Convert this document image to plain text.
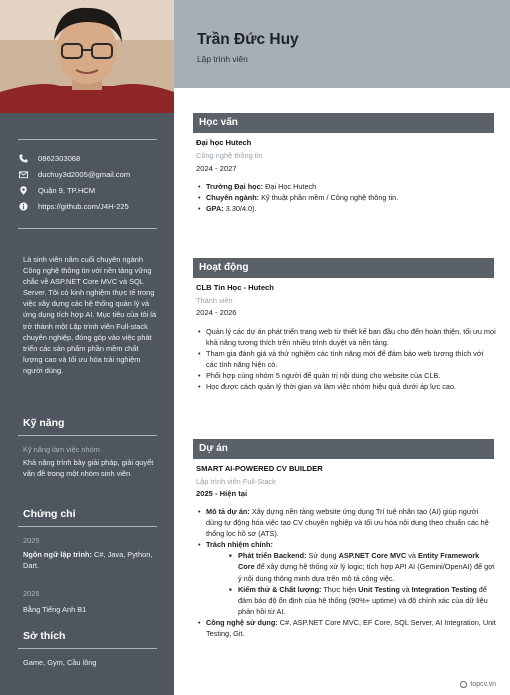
0862303068
duchuy3d2005@gmail.com
Quận 9, TP.HCM
https://github.com/J4H-225
Là sinh viên năm cuối chuyên ngành Công nghệ thông tin với nền tảng vững chắc về ASP.NET Core MVC và SQL Server. Tôi có kinh nghiệm thực tế trong việc xây dựng các hệ thống quản lý và ứng dụng tích hợp AI. Mục tiêu của tôi là trở thành một Lập trình viên Full-stack chuyên nghiệp, đóng góp vào việc phát triển các sản phẩm phần mềm chất lượng cao và tối ưu hóa trải nghiệm người dùng.
Kỹ năng
Kỹ năng làm việc nhóm
Khả năng trình bày giải pháp, giải quyết vấn đề trong một nhóm sinh viên
Chứng chỉ
2025
Ngôn ngữ lập trình: C#, Java, Python, Dart.
2026
Bằng Tiếng Anh B1
Sở thích
Game, Gym, Cầu lông
Trần Đức Huy
Lập trình viên
Học vấn
Đại học Hutech
Công nghệ thông tin
2024 - 2027
• Trường Đại học: Đại Học Hutech
• Chuyên ngành: Kỹ thuật phần mềm / Công nghệ thông tin.
• GPA: 3.30/4.0).
Hoạt động
CLB Tin Học - Hutech
Thành viên
2024 - 2026
• Quản lý các dự án phát triển trang web từ thiết kế ban đầu cho đến hoàn thiện, tối ưu mọi khả năng tương thích trên nhiều trình duyệt và nền tảng.
• Tham gia đánh giá và thử nghiệm các tính năng mới để đảm bảo web tương thích với các tính năng hiện có.
• Phối hợp cùng nhóm 5 người để quản trị nội dung cho website của CLB.
• Học được cách quản lý thời gian và làm việc nhóm hiệu quả dưới áp lực cao.
Dự án
SMART AI-POWERED CV BUILDER
Lập trình viên Full-Stack
2025 - Hiện tại
• Mô tả dự án: Xây dựng nền tảng website ứng dụng Trí tuệ nhân tạo (AI) giúp người dùng tự động hóa việc tạo CV chuyên nghiệp và tối ưu hóa nội dung theo chuẩn các hệ thống lọc hồ sơ (ATS).
• Trách nhiệm chính:
■ Phát triển Backend: Sử dụng ASP.NET Core MVC và Entity Framework Core để xây dựng hệ thống xử lý logic; tích hợp API AI (Gemini/OpenAI) để gợi ý nội dung thông minh dựa trên mô tả công việc.
■ Kiểm thử & Chất lượng: Thực hiện Unit Testing và Integration Testing để đảm bảo độ ổn định của hệ thống (90%+ uptime) và độ chính xác của dữ liệu phản hồi từ AI.
• Công nghệ sử dụng: C#, ASP.NET Core MVC, EF Core, SQL Server, AI Integration, Unit Testing, Git.
topcv.vn
